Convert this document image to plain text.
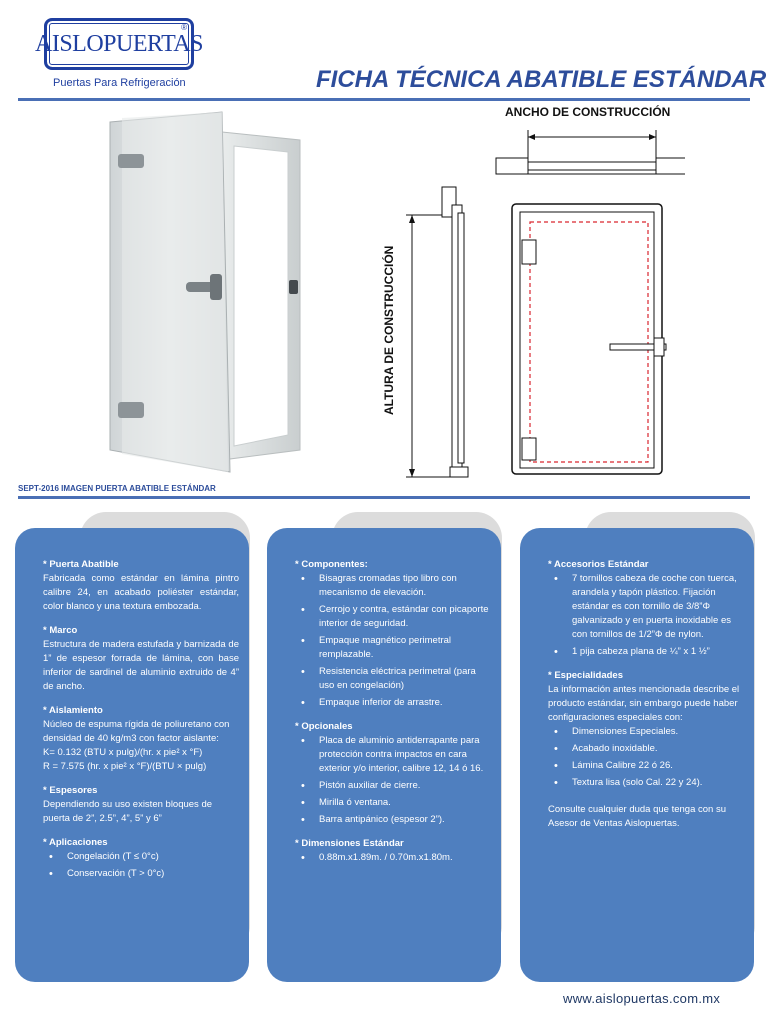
AISLOPUERTAS
®
Puertas Para Refrigeración	FICHA TÉCNICA ABATIBLE ESTÁNDAR
ANCHO DE CONSTRUCCIÓN
ALTURA DE CONSTRUCCIÓN
SEPT-2016 IMAGEN PUERTA ABATIBLE ESTÁNDAR
* Puerta Abatible
Fabricada como estándar en lámina pintro calibre 24, en acabado poliéster estándar, color blanco y una textura embozada.
* Marco
Estructura de madera estufada y barnizada de 1” de espesor forrada de lámina, con base inferior de sardinel de aluminio extruido de 4” de ancho.
* Aislamiento
Núcleo de espuma rígida de poliuretano con densidad de 40 kg/m3 con factor aislante:
K= 0.132 (BTU x pulg)/(hr. x pie² x °F)
R = 7.575 (hr. x pie² x °F)/(BTU × pulg)
* Espesores
Dependiendo su uso existen bloques de puerta de 2”, 2.5”, 4”, 5” y 6”
* Aplicaciones
• Congelación (T ≤ 0°c)
• Conservación (T > 0°c)
* Componentes:
• Bisagras cromadas tipo libro con mecanismo de elevación.
• Cerrojo y contra, estándar con picaporte interior de seguridad.
• Empaque magnético perimetral remplazable.
• Resistencia eléctrica perimetral (para uso en congelación)
• Empaque inferior de arrastre.
* Opcionales
• Placa de aluminio antiderrapante para protección contra impactos en cara exterior y/o interior, calibre 12, 14 ó 16.
• Pistón auxiliar de cierre.
• Mirilla ó ventana.
• Barra antipánico (espesor 2”).
* Dimensiones Estándar
• 0.88m.x1.89m. / 0.70m.x1.80m.
* Accesorios Estándar
• 7 tornillos cabeza de coche con tuerca, arandela y tapón plástico. Fijación estándar es con tornillo de 3/8”Φ galvanizado y en puerta inoxidable es con tornillos de 1/2”Φ de nylon.
• 1 pija cabeza plana de ¼” x 1 ½”
* Especialidades
La información antes mencionada describe el producto estándar, sin embargo puede haber configuraciones especiales con:
• Dimensiones Especiales.
• Acabado inoxidable.
• Lámina Calibre 22 ó 26.
• Textura lisa (solo Cal. 22 y 24).
Consulte cualquier duda que tenga con su Asesor de Ventas Aislopuertas.
www.aislopuertas.com.mx
